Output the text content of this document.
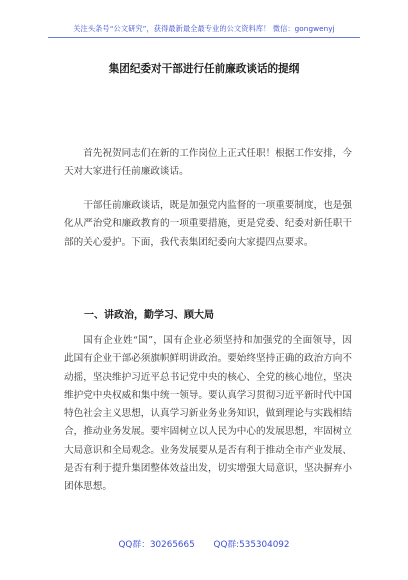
关注头条号“公文研究”，获得最新最全最专业的公文资料库！ 微信：gongwenyj
集团纪委对干部进行任前廉政谈话的提纲

首先祝贺同志们在新的工作岗位上正式任职！根据工作安排，今天对大家进行任前廉政谈话。

干部任前廉政谈话，既是加强党内监督的一项重要制度，也是强化从严治党和廉政教育的一项重要措施，更是党委、纪委对新任职干部的关心爱护。下面，我代表集团纪委向大家提四点要求。

一、讲政治，勤学习、顾大局

国有企业姓“国”，国有企业必须坚持和加强党的全面领导，因此国有企业干部必须旗帜鲜明讲政治。要始终坚持正确的政治方向不动摇，坚决维护习近平总书记党中央的核心、全党的核心地位，坚决维护党中央权威和集中统一领导。要认真学习贯彻习近平新时代中国特色社会主义思想，认真学习新业务业务知识，做到理论与实践相结合，推动业务发展。要牢固树立以人民为中心的发展思想，牢固树立大局意识和全局观念。业务发展要从是否有利于推动全市产业发展、是否有利于提升集团整体效益出发，切实增强大局意识，坚决摒弃小团体思想。

QQ群：30265665 QQ群:535304092
